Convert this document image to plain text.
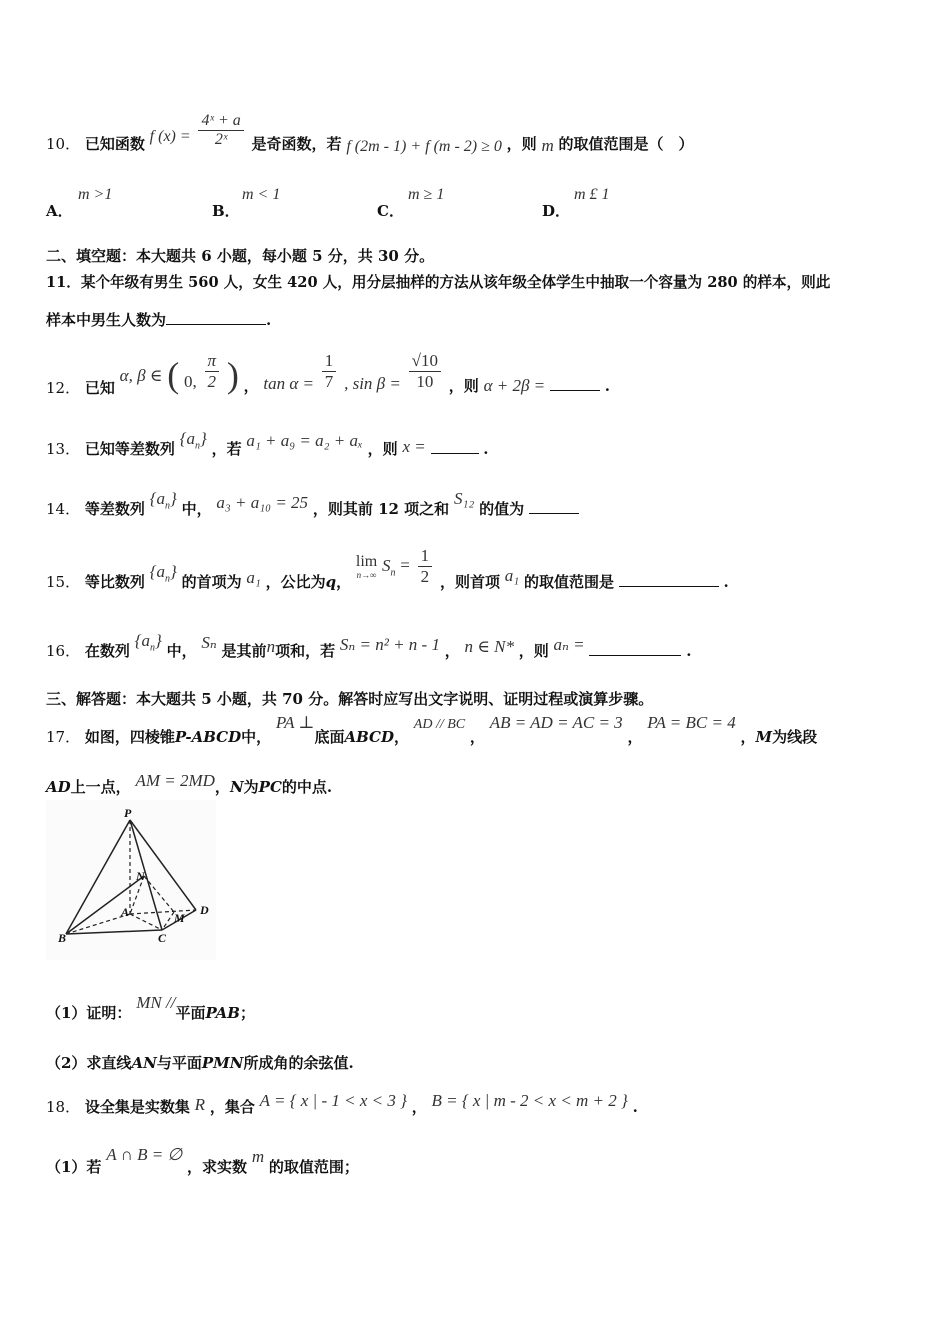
10． 已知函数 f $(x) = \frac{\text{4ˣ + a}}{\text{2ˣ}}$ 是奇函数，若 f (2m - 1) + f (m - 2) ≥ 0 ，则 m 的取值范围是（　）
A．
m >1
B．
m < 1
C．
m ≥ 1
D．
m £ 1
二、填空题：本大题共 6 小题，每小题 5 分，共 30 分。
11．某个年级有男生 560 人，女生 420 人，用分层抽样的方法从该年级全体学生中抽取一个容量为 280 的样本，则此
样本中男生人数为	.
12． 已知 α, β ∈ ( 0, $\frac{\pi}{2}$ ) ， $\tan \alpha = \frac{1}{7}$ , $\sin \beta = \frac{√10}{10}$ ，则 α + 2β =	.
13． 已知等差数列 $\{a_n\}$ ，若 a₁ + a₉ = a₂ + aₓ ，则 x =	.
14． 等差数列 $\{a_n\}$ 中， a₃ + a₁₀ = 25 ，则其前 12 项之和 S₁₂ 的值为
15． 等比数列 $\{a_n\}$ 的首项为 a₁ ，公比为q，
lim
n→∞ $S_n = \frac{1}{2}$ ，则首项 a₁ 的取值范围是	.
16． 在数列 $\{a_n\}$ 中， Sₙ 是其前n项和，若 Sₙ = n² + n - 1 ， n ∈ N* ，则 aₙ =	.
三、解答题：本大题共 5 小题，共 70 分。解答时应写出文字说明、证明过程或演算步骤。
17． 如图，四棱锥P-ABCD中， PA ⊥底面ABCD， AD // BC ， AB = AD = AC = 3 ， PA = BC = 4 ，M为线段
AD上一点， AM = 2MD，N为PC的中点.
P
N
A	M
D
B	C
（1）证明： MN //平面PAB；
（2）求直线AN与平面PMN所成角的余弦值.
18． 设全集是实数集 R ，集合 A = { x | - 1 < x < 3 } ， B = { x | m - 2 < x < m + 2 } .
（1）若 A ∩ B = ∅ ，求实数 m 的取值范围；
